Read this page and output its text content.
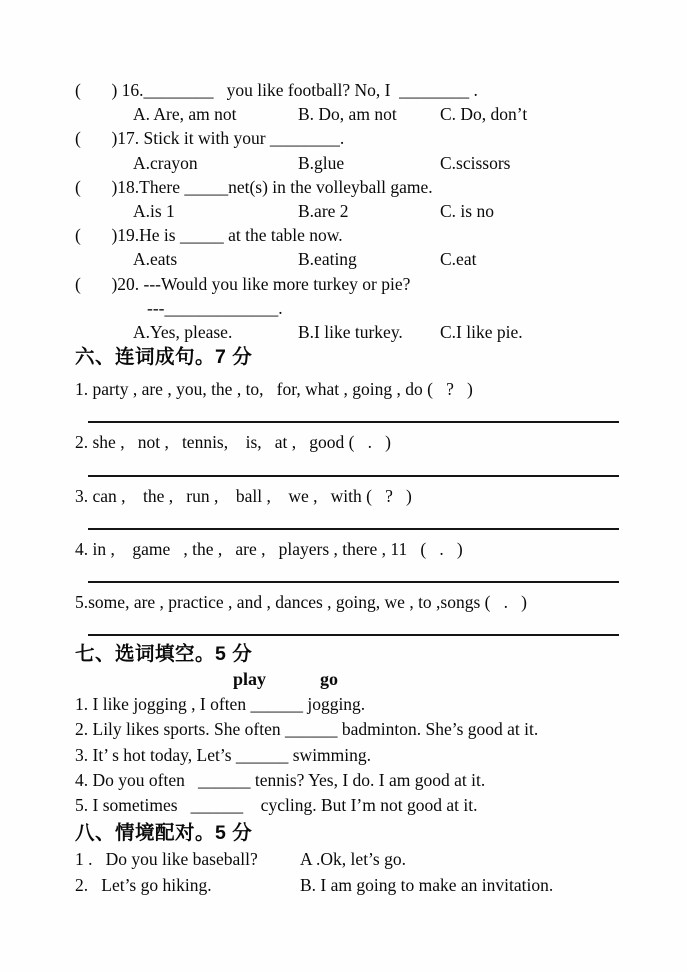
(       ) 16.________   you like football? No, I  ________ .
A. Are, am not	B. Do, am not C. Do, don’t
(       )17. Stick it with your ________.
A.crayon	B.glue	C.scissors
(       )18.There _____net(s) in the volleyball game.
A.is 1	B.are 2	C. is no
(       )19.He is _____ at the table now.
A.eats	B.eating	C.eat
(       )20. ---Would you like more turkey or pie?
---_____________.
A.Yes, please.	B.I like turkey. C.I like pie.
六、连词成句。7 分
1. party , are , you, the , to,   for, what , going , do (   ?   )
2. she ,   not ,   tennis,    is,   at ,   good (   .   )
3. can ,    the ,   run ,    ball ,    we ,   with (   ?   )
4. in ,    game   , the ,   are ,   players , there , 11   (   .   )
5.some, are , practice , and , dances , going, we , to ,songs (   .   )
七、选词填空。5 分
play	go
1. I like jogging , I often ______ jogging.
2. Lily likes sports. She often ______ badminton. She’s good at it.
3. It’ s hot today, Let’s ______ swimming.
4. Do you often   ______ tennis? Yes, I do. I am good at it.
5. I sometimes   ______    cycling. But I’m not good at it.
八、情境配对。5 分
1 .   Do you like baseball? A .Ok, let’s go.
2.   Let’s go hiking.	B. I am going to make an invitation.
